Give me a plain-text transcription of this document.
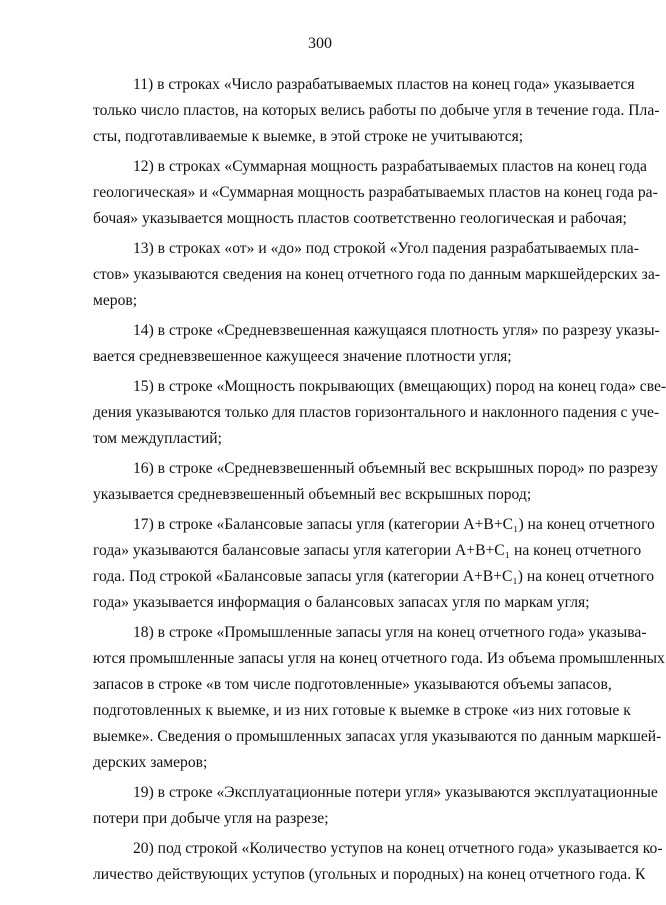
300
11) в строках «Число разрабатываемых пластов на конец года» указывается
только число пластов, на которых велись работы по добыче угля в течение года. Пла-
сты, подготавливаемые к выемке, в этой строке не учитываются;
12) в строках «Суммарная мощность разрабатываемых пластов на конец года
геологическая» и «Суммарная мощность разрабатываемых пластов на конец года ра-
бочая» указывается мощность пластов соответственно геологическая и рабочая;
13) в строках «от» и «до» под строкой «Угол падения разрабатываемых пла-
стов» указываются сведения на конец отчетного года по данным маркшейдерских за-
меров;
14) в строке «Средневзвешенная кажущаяся плотность угля» по разрезу указы-
вается средневзвешенное кажущееся значение плотности угля;
15) в строке «Мощность покрывающих (вмещающих) пород на конец года» све-
дения указываются только для пластов горизонтального и наклонного падения с уче-
том междупластий;
16) в строке «Средневзвешенный объемный вес вскрышных пород» по разрезу
указывается средневзвешенный объемный вес вскрышных пород;
17) в строке «Балансовые запасы угля (категории А+В+С₁) на конец отчетного
года» указываются балансовые запасы угля категории А+В+С₁ на конец отчетного
года. Под строкой «Балансовые запасы угля (категории А+В+С₁) на конец отчетного
года» указывается информация о балансовых запасах угля по маркам угля;
18) в строке «Промышленные запасы угля на конец отчетного года» указыва-
ются промышленные запасы угля на конец отчетного года. Из объема промышленных
запасов в строке «в том числе подготовленные» указываются объемы запасов,
подготовленных к выемке, и из них готовые к выемке в строке «из них готовые к
выемке». Сведения о промышленных запасах угля указываются по данным маркшей-
дерских замеров;
19) в строке «Эксплуатационные потери угля» указываются эксплуатационные
потери при добыче угля на разрезе;
20) под строкой «Количество уступов на конец отчетного года» указывается ко-
личество действующих уступов (угольных и породных) на конец отчетного года. К
